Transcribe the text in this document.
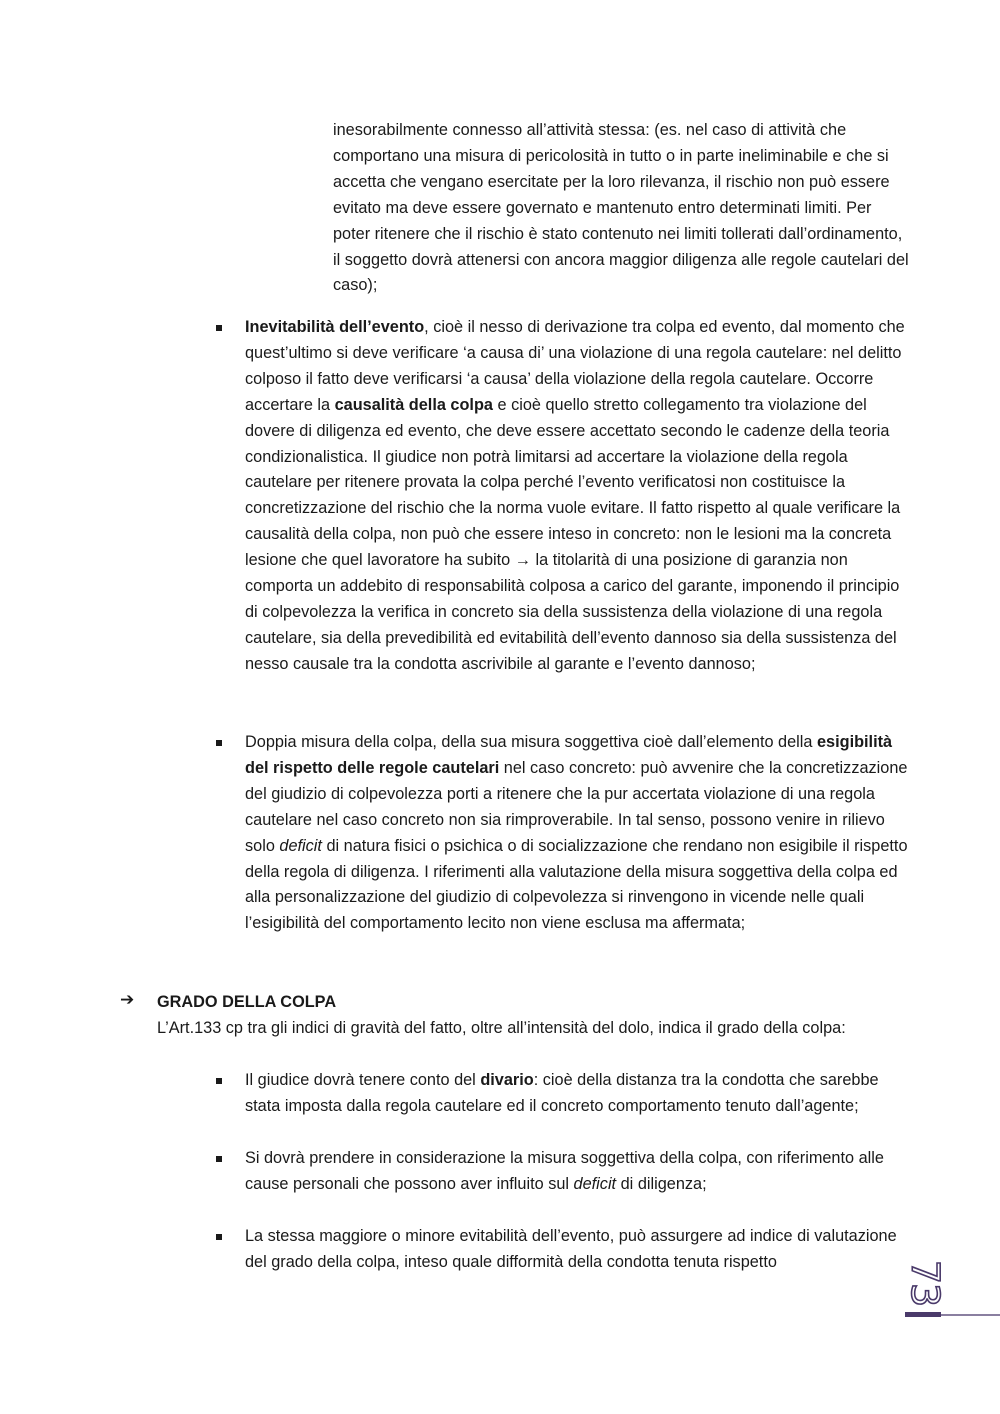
inesorabilmente connesso all’attività stessa: (es. nel caso di attività che comportano una misura di pericolosità in tutto o in parte ineliminabile e che si accetta che vengano esercitate per la loro rilevanza, il rischio non può essere evitato ma deve essere governato e mantenuto entro determinati limiti. Per poter ritenere che il rischio è stato contenuto nei limiti tollerati dall’ordinamento, il soggetto dovrà attenersi con ancora maggior diligenza alle regole cautelari del caso);
Inevitabilità dell’evento, cioè il nesso di derivazione tra colpa ed evento, dal momento che quest’ultimo si deve verificare ‘a causa di’ una violazione di una regola cautelare: nel delitto colposo il fatto deve verificarsi ‘a causa’ della violazione della regola cautelare. Occorre accertare la causalità della colpa e cioè quello stretto collegamento tra violazione del dovere di diligenza ed evento, che deve essere accettato secondo le cadenze della teoria condizionalistica. Il giudice non potrà limitarsi ad accertare la violazione della regola cautelare per ritenere provata la colpa perché l’evento verificatosi non costituisce la concretizzazione del rischio che la norma vuole evitare. Il fatto rispetto al quale verificare la causalità della colpa, non può che essere inteso in concreto: non le lesioni ma la concreta lesione che quel lavoratore ha subito → la titolarità di una posizione di garanzia non comporta un addebito di responsabilità colposa a carico del garante, imponendo il principio di colpevolezza la verifica in concreto sia della sussistenza della violazione di una regola cautelare, sia della prevedibilità ed evitabilità dell’evento dannoso sia della sussistenza del nesso causale tra la condotta ascrivibile al garante e l’evento dannoso;
Doppia misura della colpa, della sua misura soggettiva cioè dall’elemento della esigibilità del rispetto delle regole cautelari nel caso concreto: può avvenire che la concretizzazione del giudizio di colpevolezza porti a ritenere che la pur accertata violazione di una regola cautelare nel caso concreto non sia rimproverabile. In tal senso, possono venire in rilievo solo deficit di natura fisici o psichica o di socializzazione che rendano non esigibile il rispetto della regola di diligenza. I riferimenti alla valutazione della misura soggettiva della colpa ed alla personalizzazione del giudizio di colpevolezza si rinvengono in vicende nelle quali l’esigibilità del comportamento lecito non viene esclusa ma affermata;
➔ GRADO DELLA COLPA
L’Art.133 cp tra gli indici di gravità del fatto, oltre all’intensità del dolo, indica il grado della colpa:
Il giudice dovrà tenere conto del divario: cioè della distanza tra la condotta che sarebbe stata imposta dalla regola cautelare ed il concreto comportamento tenuto dall’agente;
Si dovrà prendere in considerazione la misura soggettiva della colpa, con riferimento alle cause personali che possono aver influito sul deficit di diligenza;
La stessa maggiore o minore evitabilità dell’evento, può assurgere ad indice di valutazione del grado della colpa, inteso quale difformità della condotta tenuta rispetto	73
